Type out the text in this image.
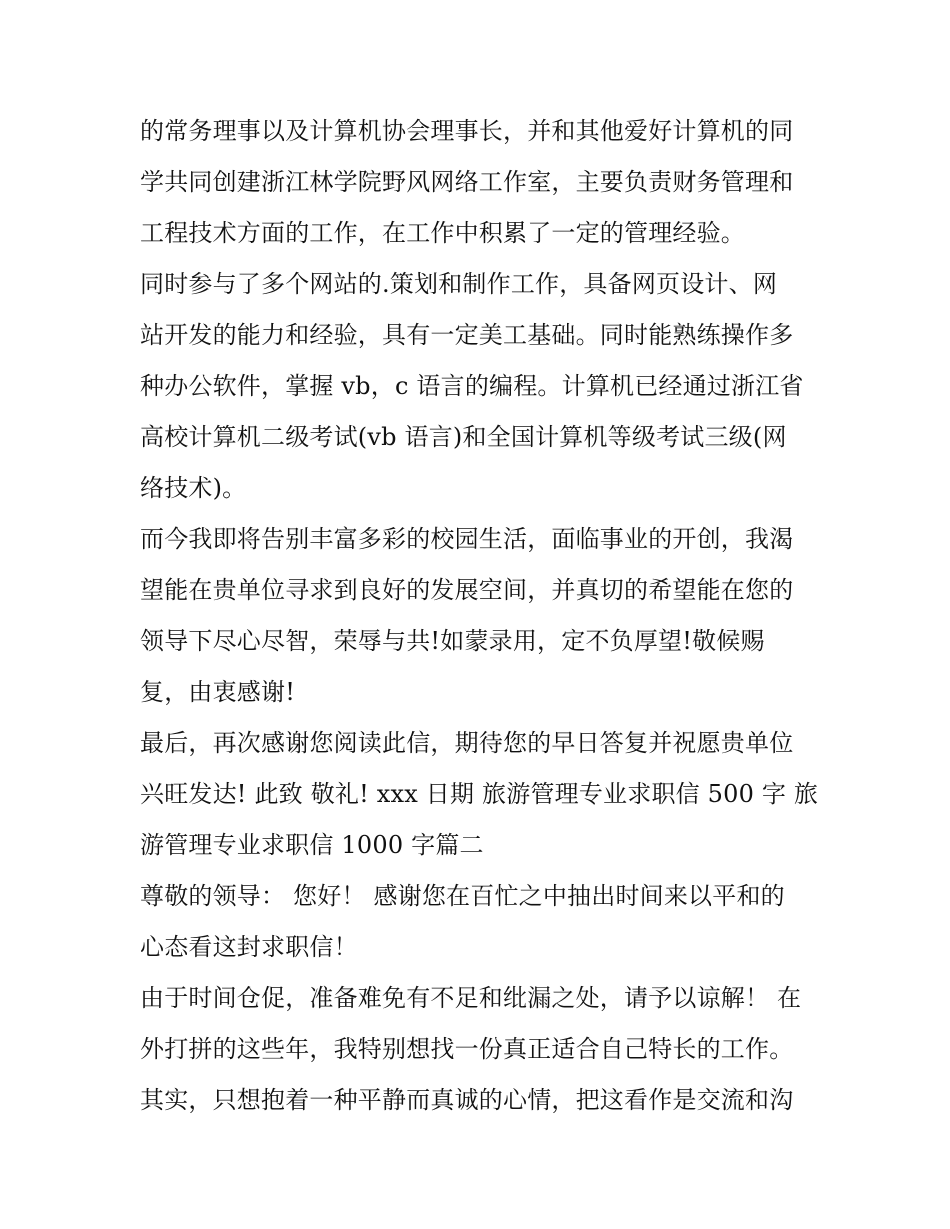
的常务理事以及计算机协会理事长，并和其他爱好计算机的同
学共同创建浙江林学院野风网络工作室，主要负责财务管理和
工程技术方面的工作，在工作中积累了一定的管理经验。
同时参与了多个网站的.策划和制作工作，具备网页设计、网
站开发的能力和经验，具有一定美工基础。同时能熟练操作多
种办公软件，掌握 vb，c 语言的编程。计算机已经通过浙江省
高校计算机二级考试(vb 语言)和全国计算机等级考试三级(网
络技术)。
而今我即将告别丰富多彩的校园生活，面临事业的开创，我渴
望能在贵单位寻求到良好的发展空间，并真切的希望能在您的
领导下尽心尽智，荣辱与共!如蒙录用，定不负厚望!敬候赐
复，由衷感谢!
最后，再次感谢您阅读此信，期待您的早日答复并祝愿贵单位
兴旺发达! 此致 敬礼! xxx 日期 旅游管理专业求职信 500 字 旅
游管理专业求职信 1000 字篇二
尊敬的领导： 您好！ 感谢您在百忙之中抽出时间来以平和的
心态看这封求职信！
由于时间仓促，准备难免有不足和纰漏之处，请予以谅解！ 在
外打拼的这些年，我特别想找一份真正适合自己特长的工作。
其实，只想抱着一种平静而真诚的心情，把这看作是交流和沟
